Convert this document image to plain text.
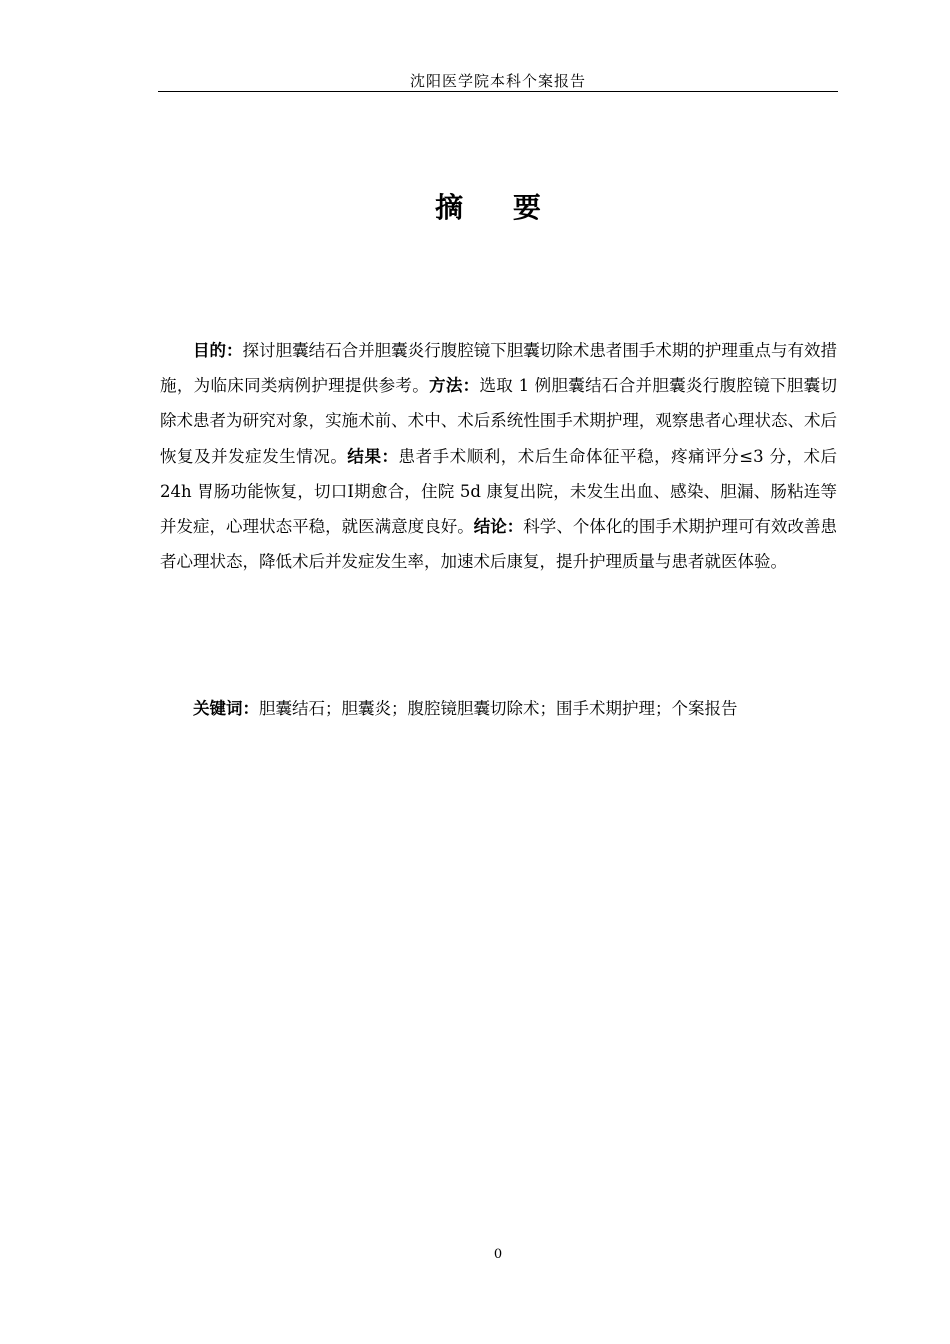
沈阳医学院本科个案报告
摘 要

目的：探讨胆囊结石合并胆囊炎行腹腔镜下胆囊切除术患者围手术期的护理重点与有效措施，为临床同类病例护理提供参考。方法：选取 1 例胆囊结石合并胆囊炎行腹腔镜下胆囊切除术患者为研究对象，实施术前、术中、术后系统性围手术期护理，观察患者心理状态、术后恢复及并发症发生情况。结果：患者手术顺利，术后生命体征平稳，疼痛评分≤3 分，术后 24h 胃肠功能恢复，切口Ⅰ期愈合，住院 5d 康复出院，未发生出血、感染、胆漏、肠粘连等并发症，心理状态平稳，就医满意度良好。结论：科学、个体化的围手术期护理可有效改善患者心理状态，降低术后并发症发生率，加速术后康复，提升护理质量与患者就医体验。

关键词：胆囊结石；胆囊炎；腹腔镜胆囊切除术；围手术期护理；个案报告

0
